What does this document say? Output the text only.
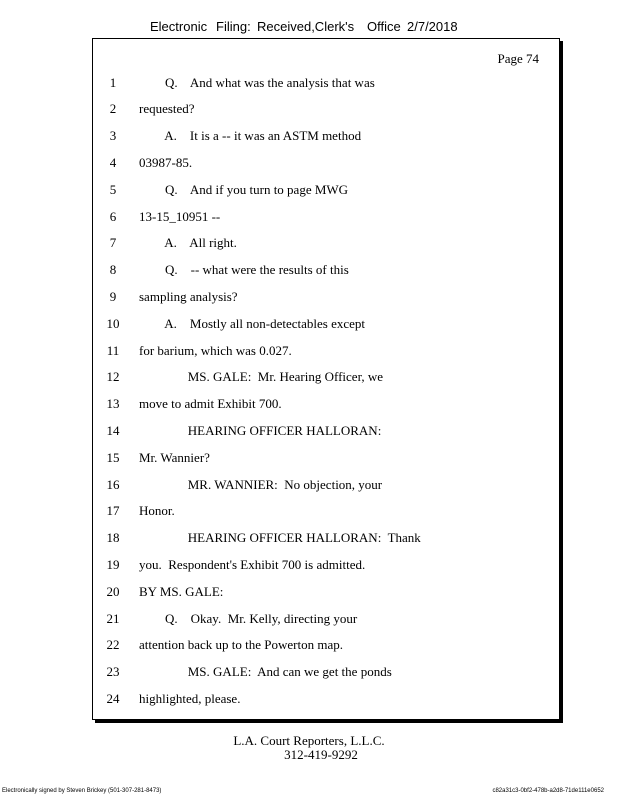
Electronic Filing: Received,Clerk's Office 2/7/2018
Page 74
1	Q.    And what was the analysis that was
2	requested?
3	A.    It is a -- it was an ASTM method
4	03987-85.
5	Q.    And if you turn to page MWG
6	13-15_10951 --
7	A.    All right.
8	Q.    -- what were the results of this
9	sampling analysis?
10	A.    Mostly all non-detectables except
11	for barium, which was 0.027.
12	MS. GALE:  Mr. Hearing Officer, we
13	move to admit Exhibit 700.
14	HEARING OFFICER HALLORAN:
15	Mr. Wannier?
16	MR. WANNIER:  No objection, your
17	Honor.
18	HEARING OFFICER HALLORAN:  Thank
19	you.  Respondent's Exhibit 700 is admitted.
20	BY MS. GALE:
21	Q.    Okay.  Mr. Kelly, directing your
22	attention back up to the Powerton map.
23	MS. GALE:  And can we get the ponds
24	highlighted, please.
L.A. Court Reporters, L.L.C.
312-419-9292
Electronically signed by Steven Brickey (501-307-281-8473)	c82a31c3-0bf2-478b-a2d8-71de111e0652
